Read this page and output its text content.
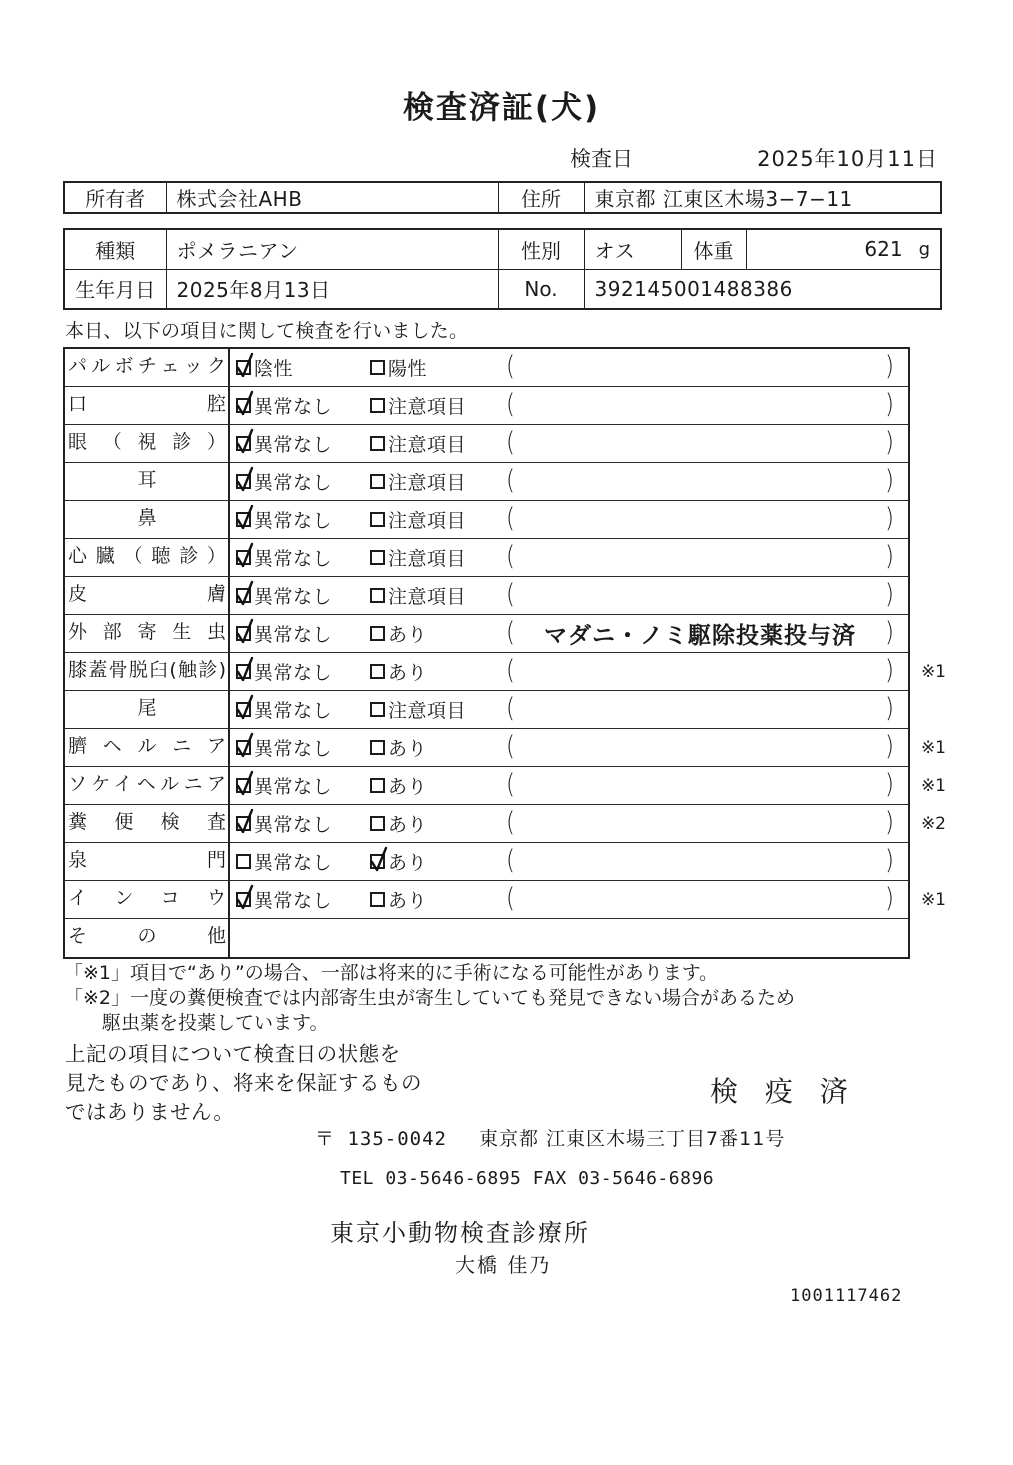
検査済証(犬)
検査日	2025年10月11日
所有者	株式会社AHB	住所	東京都 江東区木場3−7−11
種類	ポメラニアン	性別	オス	体重	621 g

生年月日	2025年8月13日	No.	392145001488386		
本日、以下の項目に関して検査を行いました。
パルボチェック 陰性	陽性	(	)
口腔 異常なし	注意項目 (	)
眼（視診） 異常なし	注意項目 (	)
耳	異常なし	注意項目 (	)
鼻	異常なし	注意項目 (	)
心臓（聴診） 異常なし	注意項目 (	)
皮膚 異常なし	注意項目 (	)
外部寄生虫 異常なし	あり	( マダニ・ノミ駆除投薬投与済 )
膝蓋骨脱臼(触診) 異常なし	あり	(	) ※1
尾	異常なし	注意項目 (	)
臍ヘルニア 異常なし	あり	(	) ※1
ソケイヘルニア 異常なし	あり	(	) ※1
糞便検査 異常なし	あり	(	) ※2
泉門 異常なし	あり	(	)
インコウ 異常なし	あり	(	) ※1
その他
「※1」項目で“あり”の場合、一部は将来的に手術になる可能性があります。
「※2」一度の糞便検査では内部寄生虫が寄生していても発見できない場合があるため
駆虫薬を投薬しています。
上記の項目について検査日の状態を
見たものであり、将来を保証するもの
ではありません。
検 疫 済
〒 135-0042 東京都 江東区木場三丁目7番11号
TEL 03-5646-6895 FAX 03-5646-6896
東京小動物検査診療所
大橋 佳乃
1001117462
